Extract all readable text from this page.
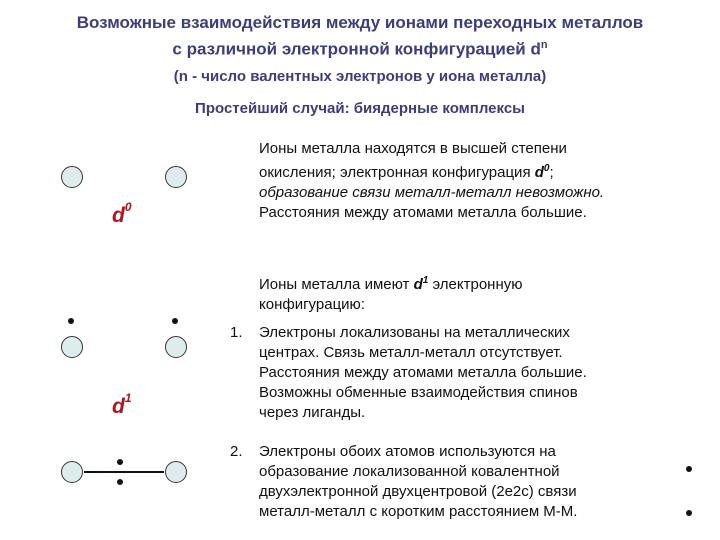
Возможные взаимодействия между ионами переходных металлов
с различной электронной конфигурацией $d^n$
(n - число валентных электронов у иона металла)
Простейший случай: биядерные комплексы
$d^0$
Ионы металла находятся в высшей степени
окисления; электронная конфигурация $d^0$;
образование связи металл-металл невозможно.
Расстояния между атомами металла большие.
Ионы металла имеют $d^1$ электронную
конфигурацию:
$d^1$
1. Электроны локализованы на металлических
центрах. Связь металл-металл отсутствует.
Расстояния между атомами металла большие.
Возможны обменные взаимодействия спинов
через лиганды.
2. Электроны обоих атомов используются на
образование локализованной ковалентной
двухэлектронной двухцентровой (2е2с) связи
металл-металл с коротким расстоянием М-М.
